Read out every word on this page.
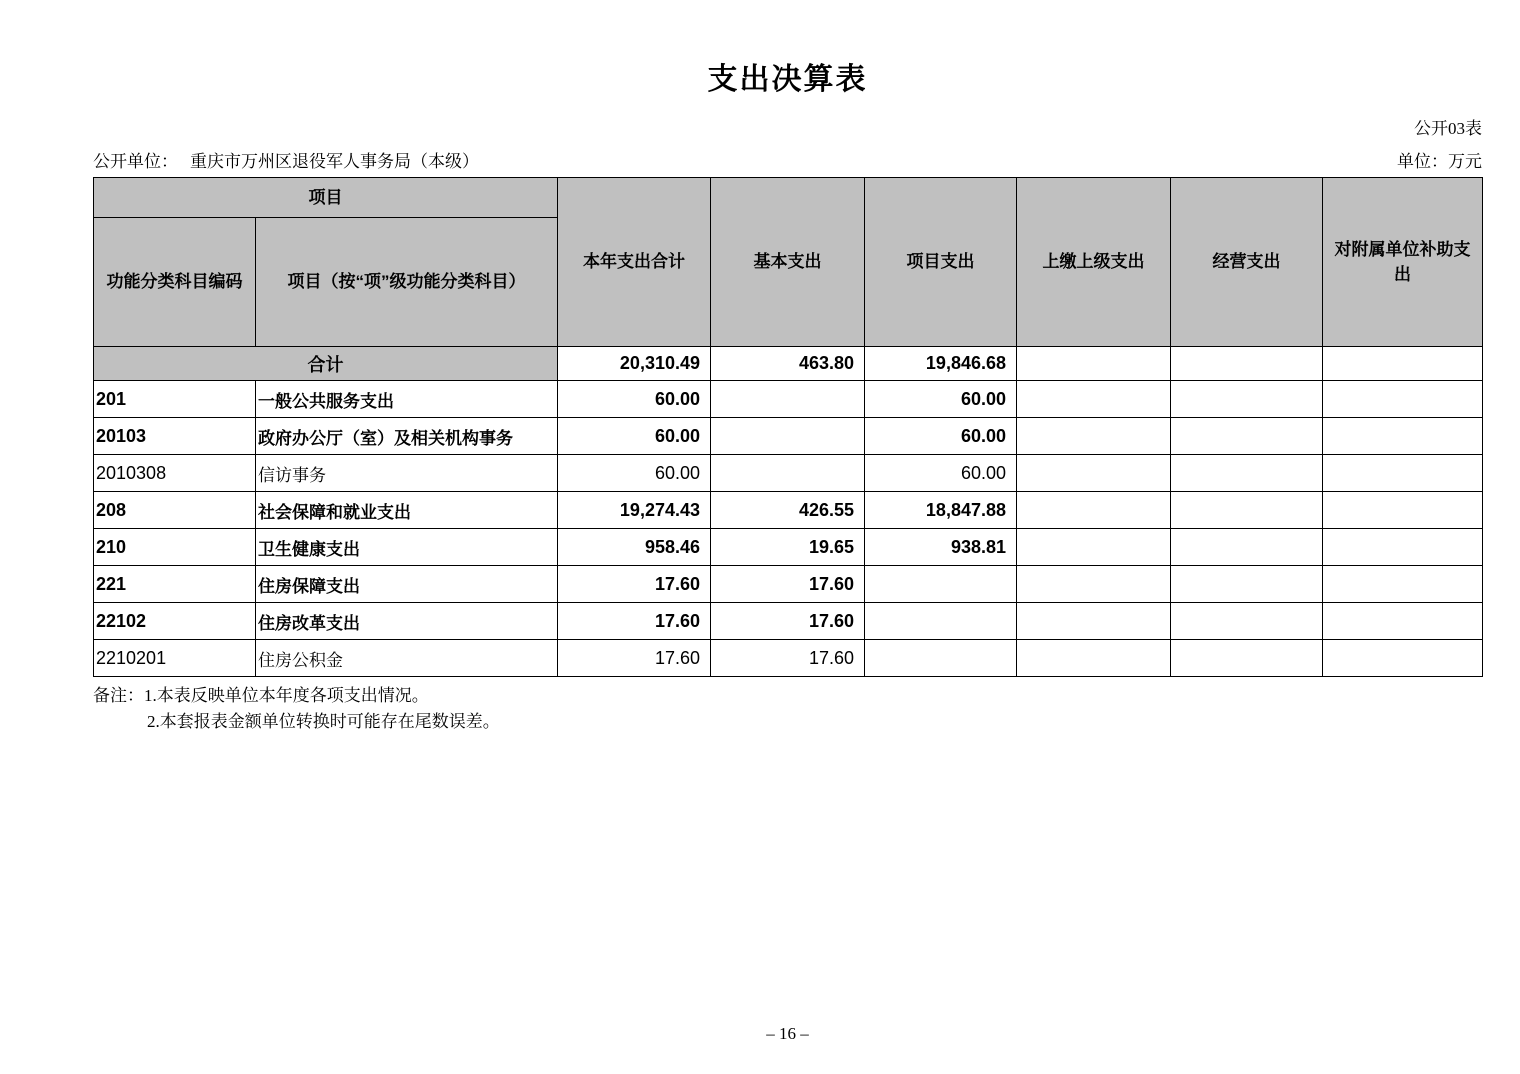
支出决算表
公开03表
公开单位： 重庆市万州区退役军人事务局（本级）	单位：万元
项目		本年支出合计	基本支出	项目支出	上缴上级支出	经营支出	对附属单位补助支出
功能分类科目编码	项目（按“项”级功能分类科目）						
合计		20,310.49	463.80	19,846.68			
201	一般公共服务支出	60.00		60.00			
20103	政府办公厅（室）及相关机构事务	60.00		60.00			
2010308	信访事务	60.00		60.00			
208	社会保障和就业支出	19,274.43	426.55	18,847.88			
210	卫生健康支出	958.46	19.65	938.81			
221	住房保障支出	17.60	17.60				
22102	住房改革支出	17.60	17.60				
2210201	住房公积金	17.60	17.60				
备注： 1.本表反映单位本年度各项支出情况。
2.本套报表金额单位转换时可能存在尾数误差。
– 16 –
